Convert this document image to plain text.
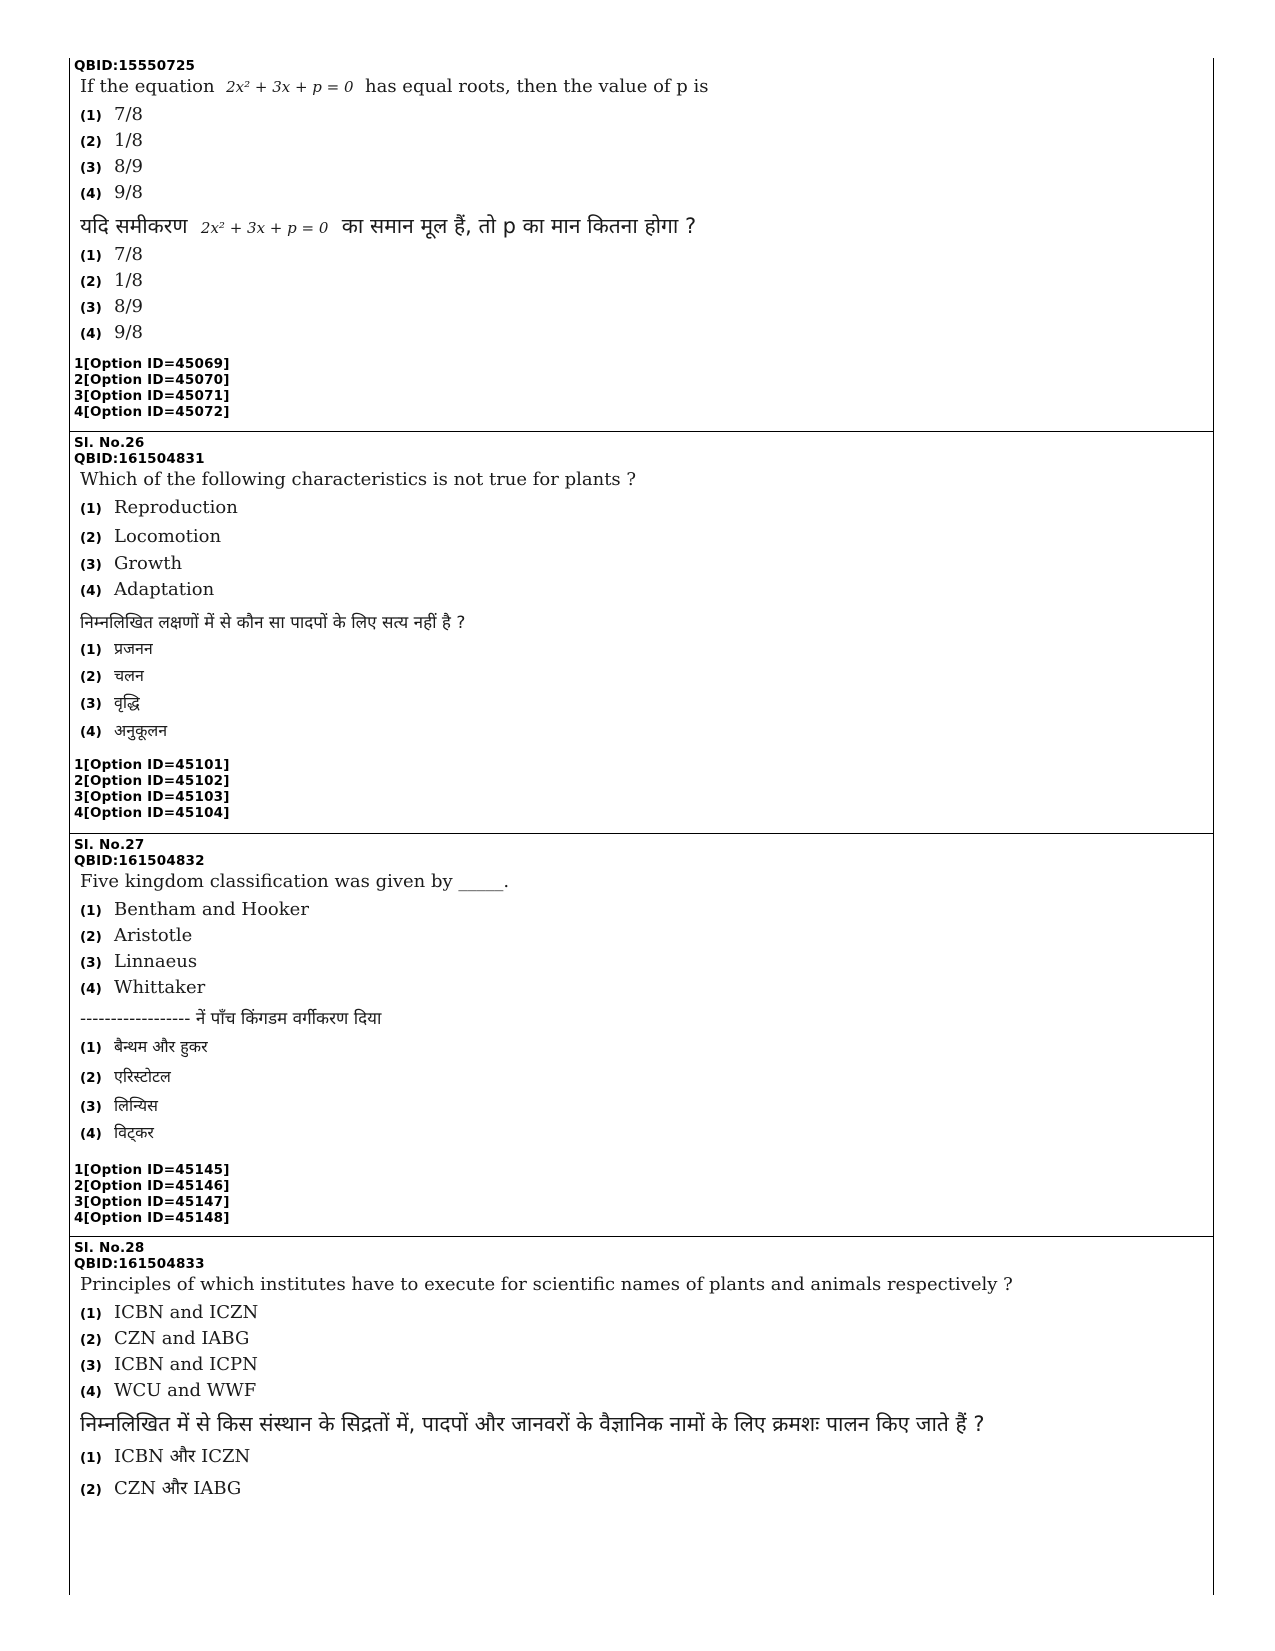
QBID:15550725
If the equation 2x² + 3x + p = 0 has equal roots, then the value of p is
(1) 7/8
(2) 1/8
(3) 8/9
(4) 9/8
यदि समीकरण 2x² + 3x + p = 0 का समान मूल हैं, तो p का मान कितना होगा ?
(1) 7/8
(2) 1/8
(3) 8/9
(4) 9/8
1[Option ID=45069]
2[Option ID=45070]
3[Option ID=45071]
4[Option ID=45072]
Sl. No.26
QBID:161504831
Which of the following characteristics is not true for plants ?
(1) Reproduction
(2) Locomotion
(3) Growth
(4) Adaptation
निम्नलिखित लक्षणों में से कौन सा पादपों के लिए सत्य नहीं है ?
(1) प्रजनन
(2) चलन
(3) वृद्धि
(4) अनुकूलन
1[Option ID=45101]
2[Option ID=45102]
3[Option ID=45103]
4[Option ID=45104]
Sl. No.27
QBID:161504832
Five kingdom classification was given by _____.
(1) Bentham and Hooker
(2) Aristotle
(3) Linnaeus
(4) Whittaker
------------------ नें पाँच किंगडम वर्गीकरण दिया
(1) बैन्थम और हुकर
(2) एरिस्टोटल
(3) लिन्यिस
(4) विट्कर
1[Option ID=45145]
2[Option ID=45146]
3[Option ID=45147]
4[Option ID=45148]
Sl. No.28
QBID:161504833
Principles of which institutes have to execute for scientific names of plants and animals respectively ?
(1) ICBN and ICZN
(2) CZN and IABG
(3) ICBN and ICPN
(4) WCU and WWF
निम्नलिखित में से किस संस्थान के सिद्रतों में, पादपों और जानवरों के वैज्ञानिक नामों के लिए क्रमशः पालन किए जाते हैं ?
(1) ICBN और ICZN
(2) CZN और IABG
